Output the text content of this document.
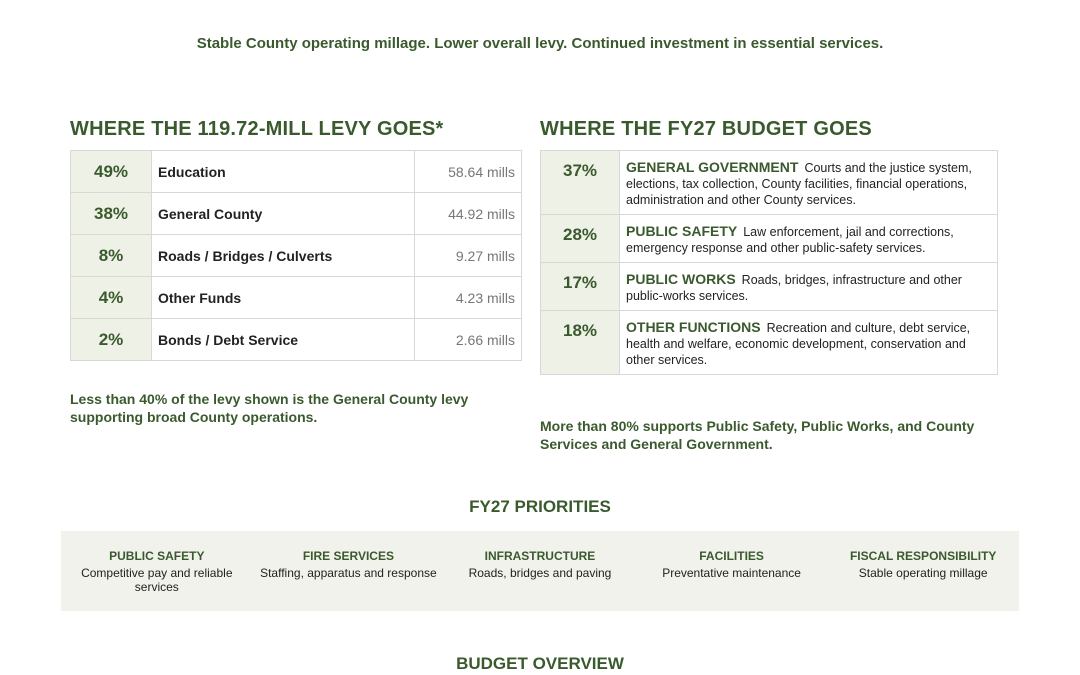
Stable County operating millage. Lower overall levy. Continued investment in essential services.
WHERE THE 119.72-MILL LEVY GOES*
49%	Education	58.64 mills
38%	General County	44.92 mills
8%	Roads / Bridges / Culverts	9.27 mills
4%	Other Funds	4.23 mills
2%	Bonds / Debt Service	2.66 mills
Less than 40% of the levy shown is the General County levy supporting broad County operations.
WHERE THE FY27 BUDGET GOES
37%	GENERAL GOVERNMENT Courts and the justice system, elections, tax collection, County facilities, financial operations, administration and other County services.
28%	PUBLIC SAFETY Law enforcement, jail and corrections, emergency response and other public-safety services.
17%	PUBLIC WORKS Roads, bridges, infrastructure and other public-works services.
18%	OTHER FUNCTIONS Recreation and culture, debt service, health and welfare, economic development, conservation and other services.
More than 80% supports Public Safety, Public Works, and County Services and General Government.
FY27 PRIORITIES
PUBLIC SAFETY
Competitive pay and reliable services
FIRE SERVICES
Staffing, apparatus and response
INFRASTRUCTURE
Roads, bridges and paving
FACILITIES
Preventative maintenance
FISCAL RESPONSIBILITY
Stable operating millage
BUDGET OVERVIEW
